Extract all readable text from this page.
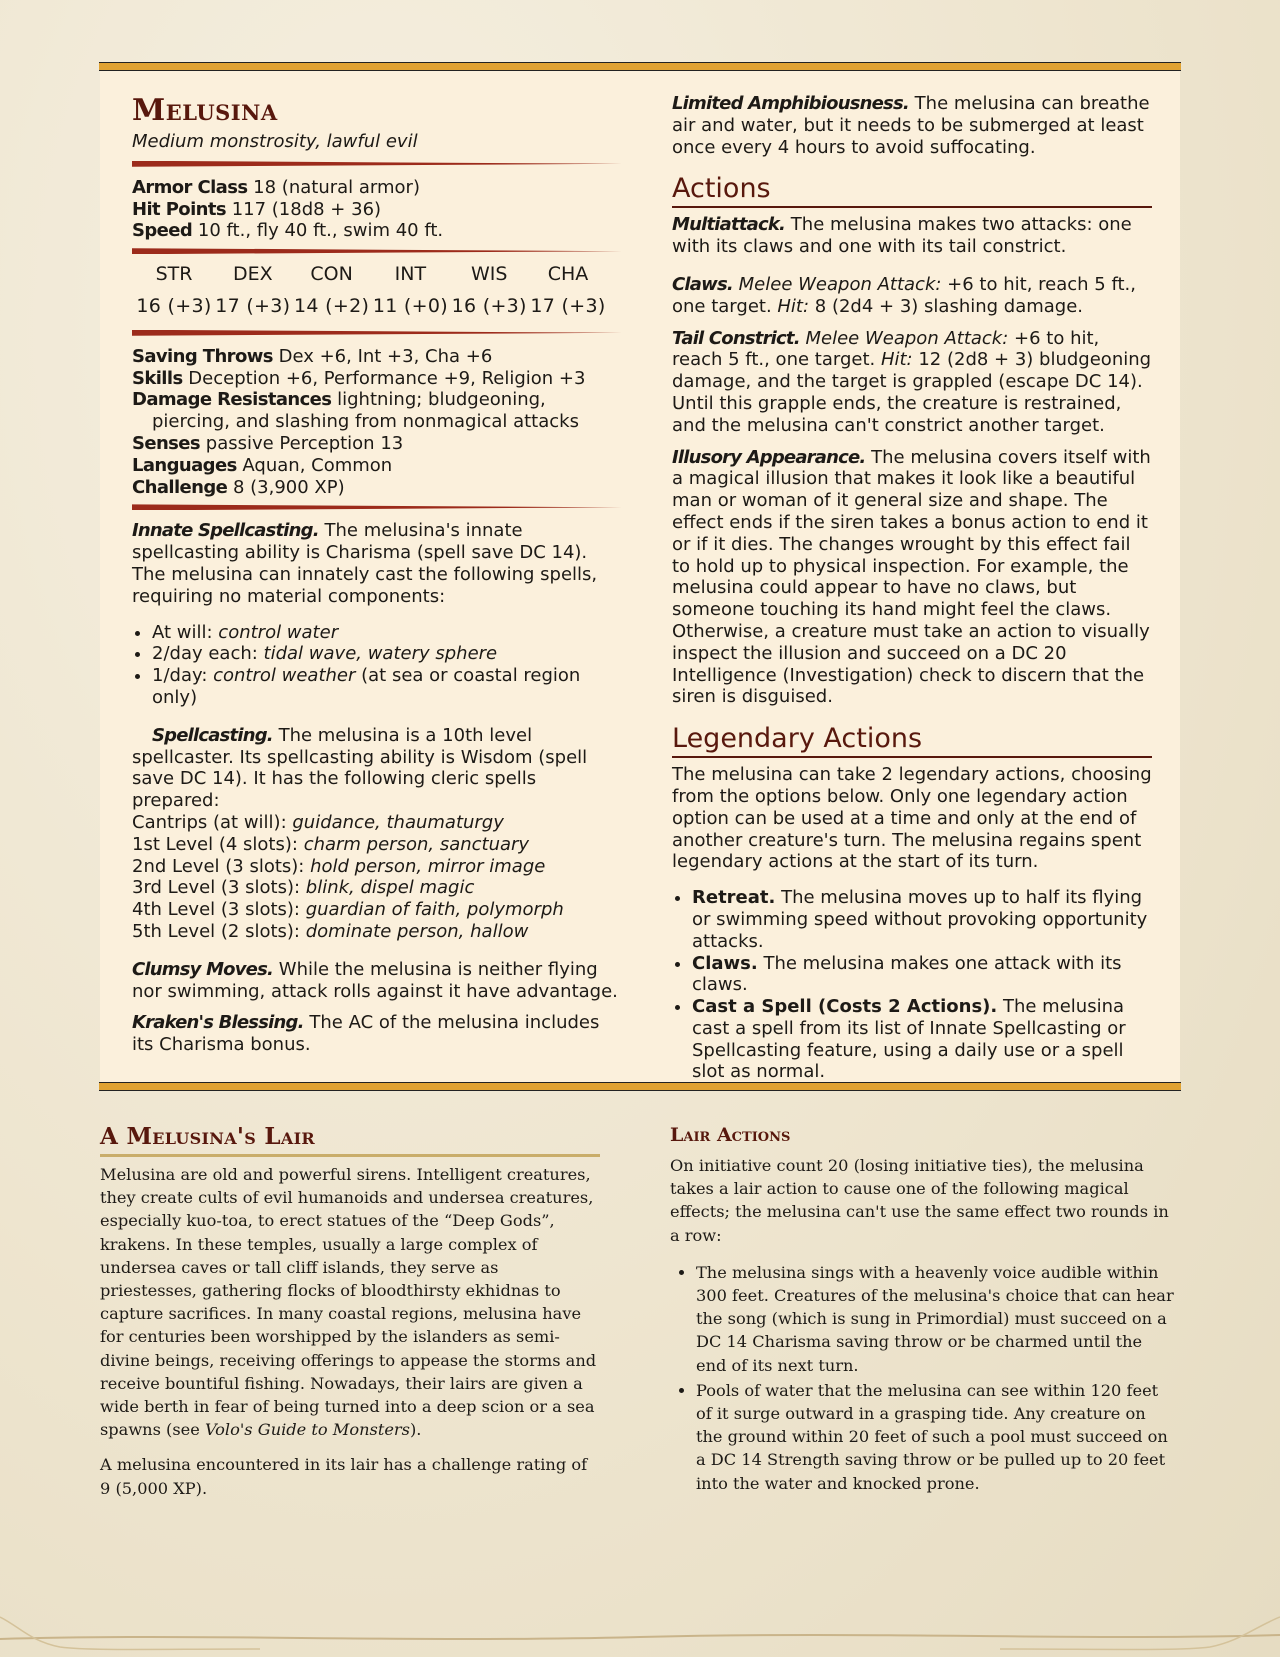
Melusina
Medium monstrosity, lawful evil
Armor Class 18 (natural armor)
Hit Points 117 (18d8 + 36)
Speed 10 ft., fly 40 ft., swim 40 ft.
STR
16 (+3)
DEX
17 (+3)
CON
14 (+2)
INT
11 (+0)
WIS
16 (+3)
CHA
17 (+3)
Saving Throws Dex +6, Int +3, Cha +6
Skills Deception +6, Performance +9, Religion +3
Damage Resistances lightning; bludgeoning, piercing, and slashing from nonmagical attacks
Senses passive Perception 13
Languages Aquan, Common
Challenge 8 (3,900 XP)
Innate Spellcasting. The melusina's innate spellcasting ability is Charisma (spell save DC 14). The melusina can innately cast the following spells, requiring no material components:
• At will: control water
• 2/day each: tidal wave, watery sphere
• 1/day: control weather (at sea or coastal region only)
Spellcasting. The melusina is a 10th level spellcaster. Its spellcasting ability is Wisdom (spell save DC 14). It has the following cleric spells prepared:
Cantrips (at will): guidance, thaumaturgy
1st Level (4 slots): charm person, sanctuary
2nd Level (3 slots): hold person, mirror image
3rd Level (3 slots): blink, dispel magic
4th Level (3 slots): guardian of faith, polymorph
5th Level (2 slots): dominate person, hallow
Clumsy Moves. While the melusina is neither flying nor swimming, attack rolls against it have advantage.
Kraken's Blessing. The AC of the melusina includes its Charisma bonus.
Limited Amphibiousness. The melusina can breathe air and water, but it needs to be submerged at least once every 4 hours to avoid suffocating.
Actions
Multiattack. The melusina makes two attacks: one with its claws and one with its tail constrict.
Claws. Melee Weapon Attack: +6 to hit, reach 5 ft., one target. Hit: 8 (2d4 + 3) slashing damage.
Tail Constrict. Melee Weapon Attack: +6 to hit, reach 5 ft., one target. Hit: 12 (2d8 + 3) bludgeoning damage, and the target is grappled (escape DC 14). Until this grapple ends, the creature is restrained, and the melusina can't constrict another target.
Illusory Appearance. The melusina covers itself with a magical illusion that makes it look like a beautiful man or woman of it general size and shape. The effect ends if the siren takes a bonus action to end it or if it dies. The changes wrought by this effect fail to hold up to physical inspection. For example, the melusina could appear to have no claws, but someone touching its hand might feel the claws. Otherwise, a creature must take an action to visually inspect the illusion and succeed on a DC 20 Intelligence (Investigation) check to discern that the siren is disguised.
Legendary Actions
The melusina can take 2 legendary actions, choosing from the options below. Only one legendary action option can be used at a time and only at the end of another creature's turn. The melusina regains spent legendary actions at the start of its turn.
• Retreat. The melusina moves up to half its flying or swimming speed without provoking opportunity attacks.
• Claws. The melusina makes one attack with its claws.
• Cast a Spell (Costs 2 Actions). The melusina cast a spell from its list of Innate Spellcasting or Spellcasting feature, using a daily use or a spell slot as normal.
A Melusina's Lair

Melusina are old and powerful sirens. Intelligent creatures, they create cults of evil humanoids and undersea creatures, especially kuo-toa, to erect statues of the “Deep Gods”, krakens. In these temples, usually a large complex of undersea caves or tall cliff islands, they serve as priestesses, gathering flocks of bloodthirsty ekhidnas to capture sacrifices. In many coastal regions, melusina have for centuries been worshipped by the islanders as semi-divine beings, receiving offerings to appease the storms and receive bountiful fishing. Nowadays, their lairs are given a wide berth in fear of being turned into a deep scion or a sea spawns (see Volo's Guide to Monsters).

A melusina encountered in its lair has a challenge rating of 9 (5,000 XP).

Lair Actions

On initiative count 20 (losing initiative ties), the melusina takes a lair action to cause one of the following magical effects; the melusina can't use the same effect two rounds in a row:

• The melusina sings with a heavenly voice audible within 300 feet. Creatures of the melusina's choice that can hear the song (which is sung in Primordial) must succeed on a DC 14 Charisma saving throw or be charmed until the end of its next turn.
• Pools of water that the melusina can see within 120 feet of it surge outward in a grasping tide. Any creature on the ground within 20 feet of such a pool must succeed on a DC 14 Strength saving throw or be pulled up to 20 feet into the water and knocked prone.
